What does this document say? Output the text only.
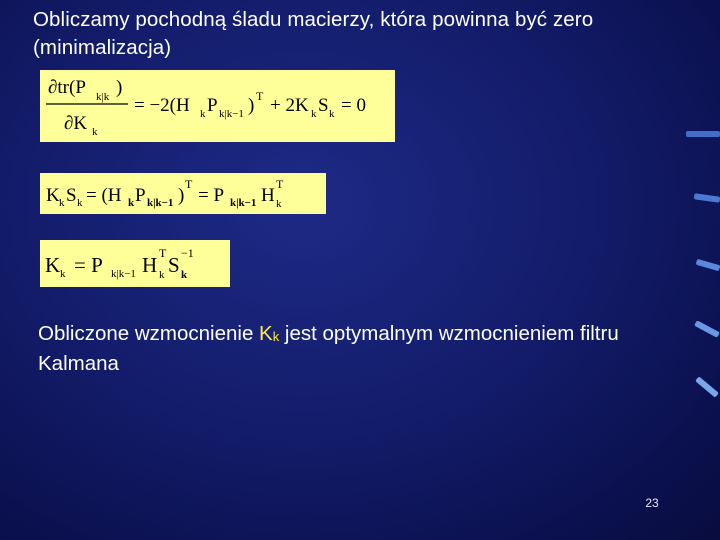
Obliczamy pochodną śladu macierzy, która powinna być zero (minimalizacja)
∂tr(P k|k )
∂K k
= −2(H k P k|k−1 ) T + 2K k S k = 0
K k S k = (H k P k|k−1 )
T
= P k|k−1 H
T
k
K k = P k|k−1 H T
k S −1
k
Obliczone wzmocnienie Kk jest optymalnym wzmocnieniem filtru Kalmana
23
